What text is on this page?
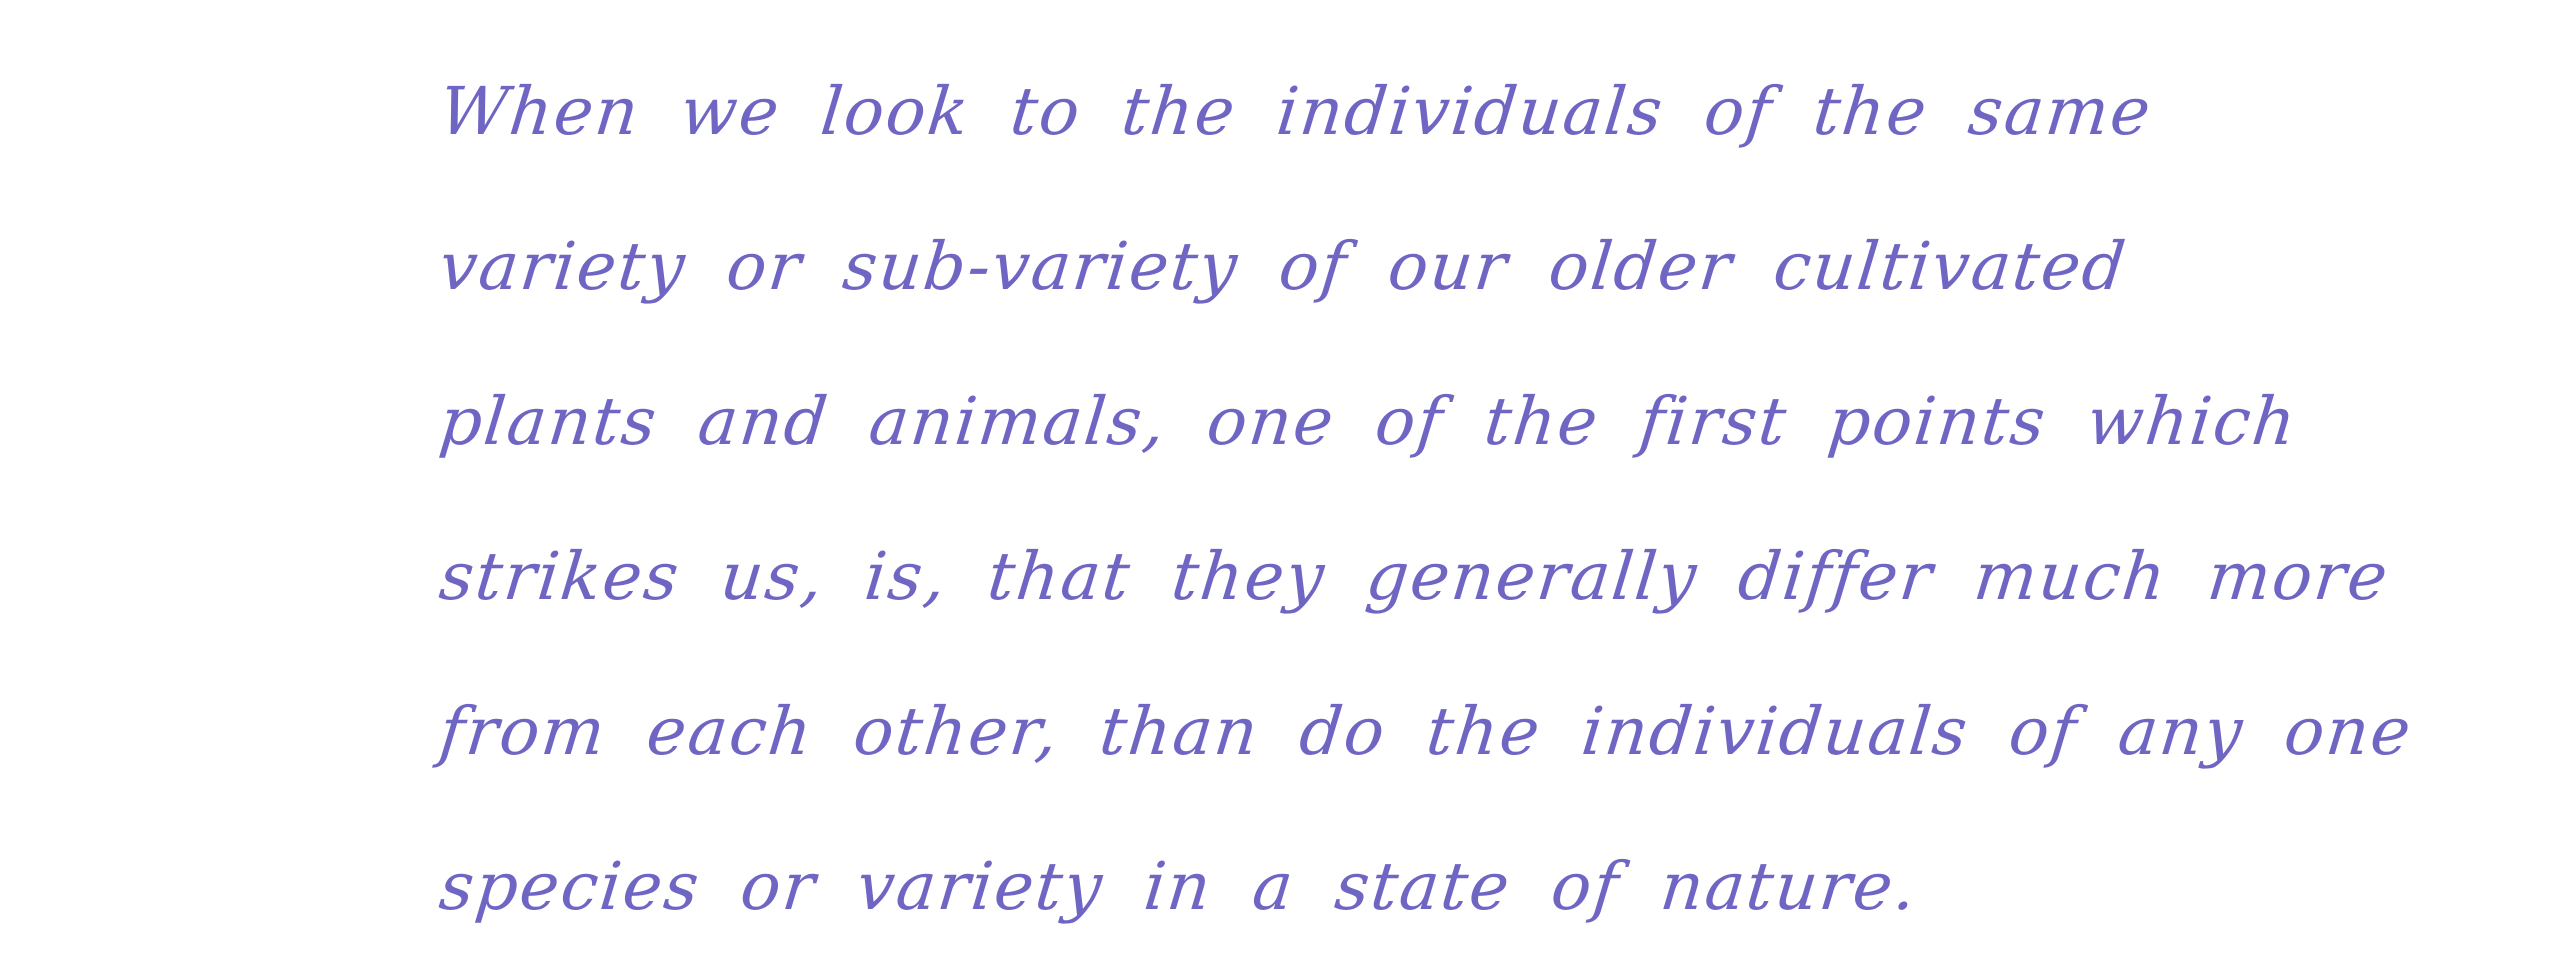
When we look to the individuals of the same
variety or sub-variety of our older cultivated
plants and animals, one of the first points which
strikes us, is, that they generally differ much more
from each other, than do the individuals of any one
species or variety in a state of nature.
